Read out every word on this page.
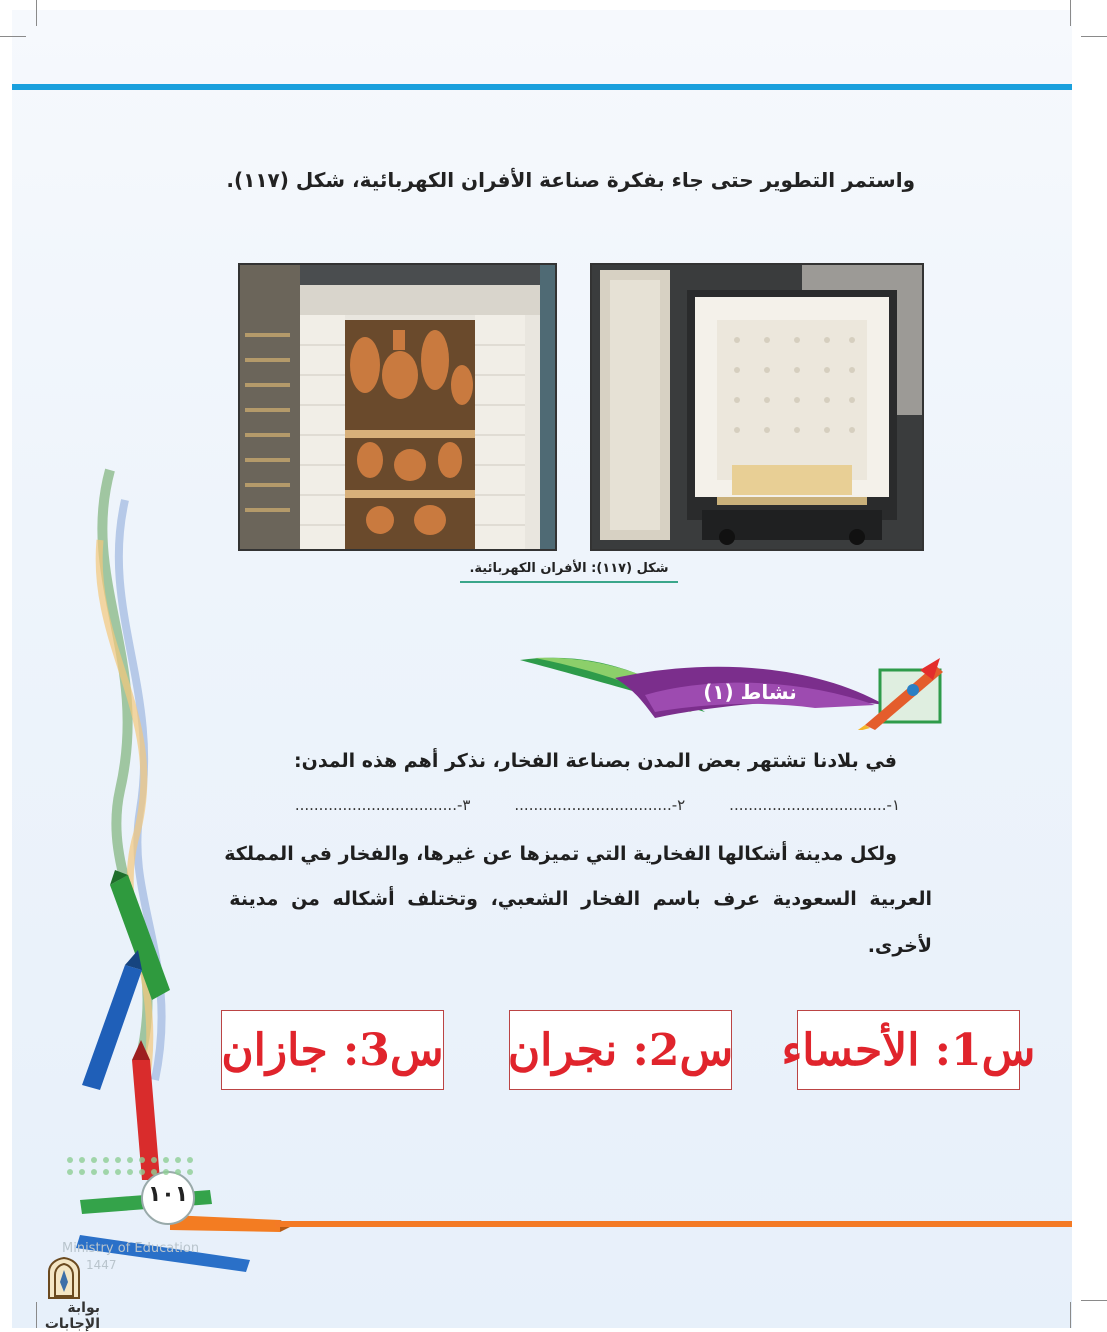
واستمر التطوير حتى جاء بفكرة صناعة الأفران الكهربائية، شكل (١١٧).
شكل (١١٧): الأفران الكهربائية.
نشاط (١)
في بلادنا تشتهر بعض المدن بصناعة الفخار، نذكر أهم هذه المدن:
١-................................. ٢-................................. ٣-..................................
ولكل مدينة أشكالها الفخارية التي تميزها عن غيرها، والفخار في المملكة
العربية السعودية عرف باسم الفخار الشعبي، وتختلف أشكاله من مدينة
لأخرى.
س1: الأحساء
س2: نجران
س3: جازان
١٠١
Ministry of Education
1447
بوابة الإجابات
